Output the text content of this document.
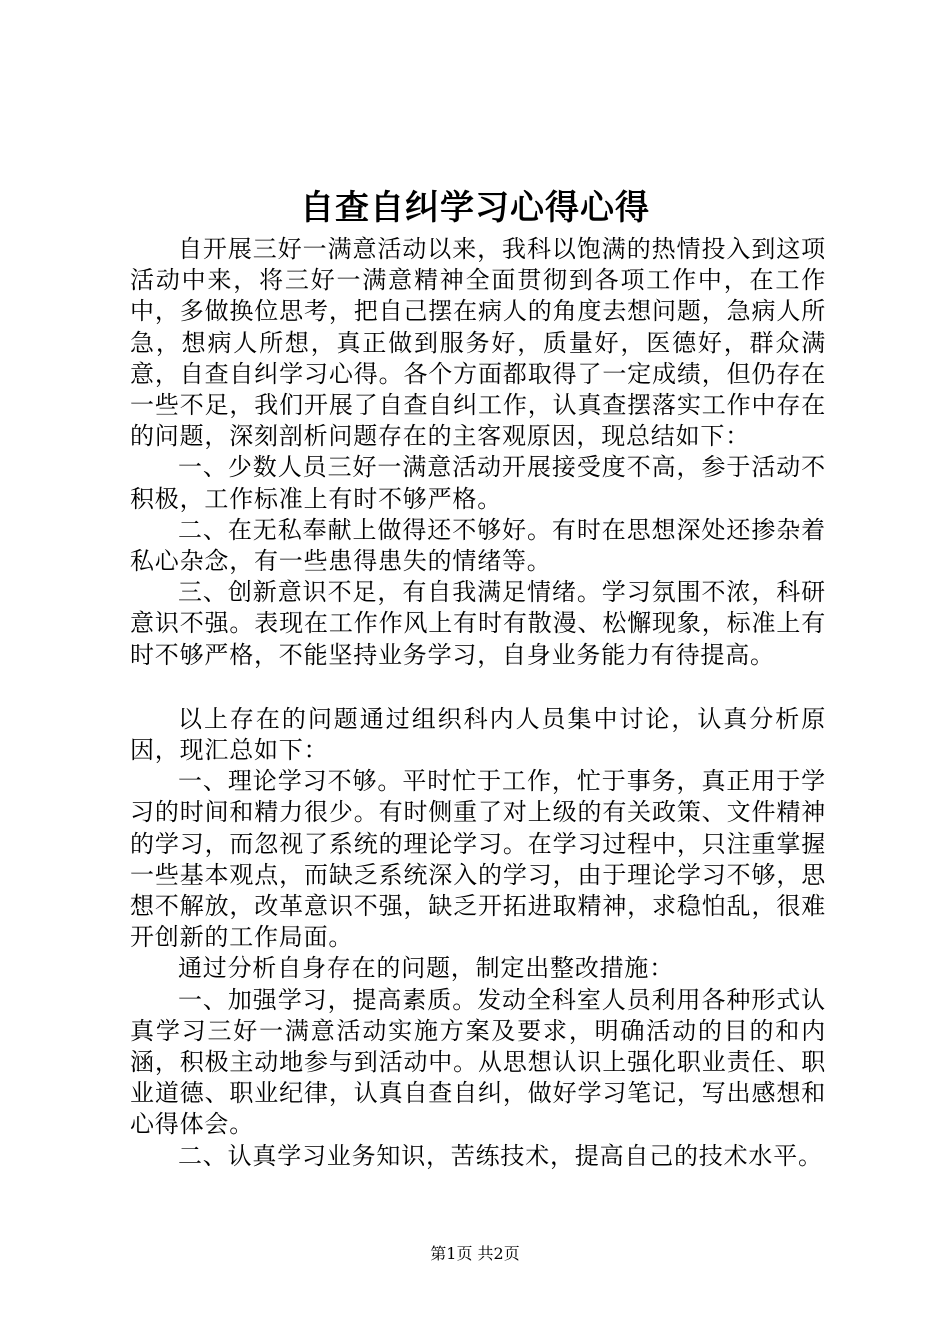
自查自纠学习心得心得

自开展三好一满意活动以来，我科以饱满的热情投入到这项活动中来，将三好一满意精神全面贯彻到各项工作中，在工作中，多做换位思考，把自己摆在病人的角度去想问题，急病人所急，想病人所想，真正做到服务好，质量好，医德好，群众满意，自查自纠学习心得。各个方面都取得了一定成绩，但仍存在一些不足，我们开展了自查自纠工作，认真查摆落实工作中存在的问题，深刻剖析问题存在的主客观原因，现总结如下：

一、少数人员三好一满意活动开展接受度不高，参于活动不积极，工作标准上有时不够严格。

二、在无私奉献上做得还不够好。有时在思想深处还掺杂着私心杂念，有一些患得患失的情绪等。

三、创新意识不足，有自我满足情绪。学习氛围不浓，科研意识不强。表现在工作作风上有时有散漫、松懈现象，标准上有时不够严格，不能坚持业务学习，自身业务能力有待提高。

以上存在的问题通过组织科内人员集中讨论，认真分析原因，现汇总如下：

一、理论学习不够。平时忙于工作，忙于事务，真正用于学习的时间和精力很少。有时侧重了对上级的有关政策、文件精神的学习，而忽视了系统的理论学习。在学习过程中，只注重掌握一些基本观点，而缺乏系统深入的学习，由于理论学习不够，思想不解放，改革意识不强，缺乏开拓进取精神，求稳怕乱，很难开创新的工作局面。

通过分析自身存在的问题，制定出整改措施：

一、加强学习，提高素质。发动全科室人员利用各种形式认真学习三好一满意活动实施方案及要求，明确活动的目的和内涵，积极主动地参与到活动中。从思想认识上强化职业责任、职业道德、职业纪律，认真自查自纠，做好学习笔记，写出感想和心得体会。

二、认真学习业务知识，苦练技术，提高自己的技术水平。

第1页 共2页
